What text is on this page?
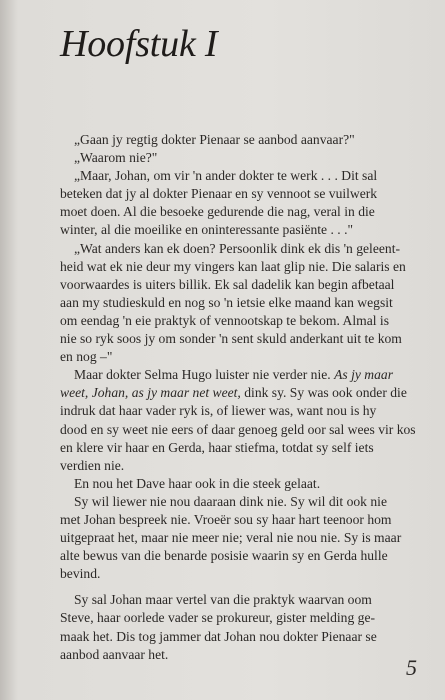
Hoofstuk I
„Gaan jy regtig dokter Pienaar se aanbod aanvaar?"
„Waarom nie?"
„Maar, Johan, om vir 'n ander dokter te werk . . . Dit sal
beteken dat jy al dokter Pienaar en sy vennoot se vuilwerk
moet doen. Al die besoeke gedurende die nag, veral in die
winter, al die moeilike en oninteressante pasiënte . . ."
„Wat anders kan ek doen? Persoonlik dink ek dis 'n geleent-
heid wat ek nie deur my vingers kan laat glip nie. Die salaris en
voorwaardes is uiters billik. Ek sal dadelik kan begin afbetaal
aan my studieskuld en nog so 'n ietsie elke maand kan wegsit
om eendag 'n eie praktyk of vennootskap te bekom. Almal is
nie so ryk soos jy om sonder 'n sent skuld anderkant uit te kom
en nog –"
Maar dokter Selma Hugo luister nie verder nie. As jy maar
weet, Johan, as jy maar net weet, dink sy. Sy was ook onder die
indruk dat haar vader ryk is, of liewer was, want nou is hy
dood en sy weet nie eers of daar genoeg geld oor sal wees vir kos
en klere vir haar en Gerda, haar stiefma, totdat sy self iets
verdien nie.
En nou het Dave haar ook in die steek gelaat.
Sy wil liewer nie nou daaraan dink nie. Sy wil dit ook nie
met Johan bespreek nie. Vroeër sou sy haar hart teenoor hom
uitgepraat het, maar nie meer nie; veral nie nou nie. Sy is maar
alte bewus van die benarde posisie waarin sy en Gerda hulle
bevind.
Sy sal Johan maar vertel van die praktyk waarvan oom
Steve, haar oorlede vader se prokureur, gister melding ge-
maak het. Dis tog jammer dat Johan nou dokter Pienaar se
aanbod aanvaar het.
5
